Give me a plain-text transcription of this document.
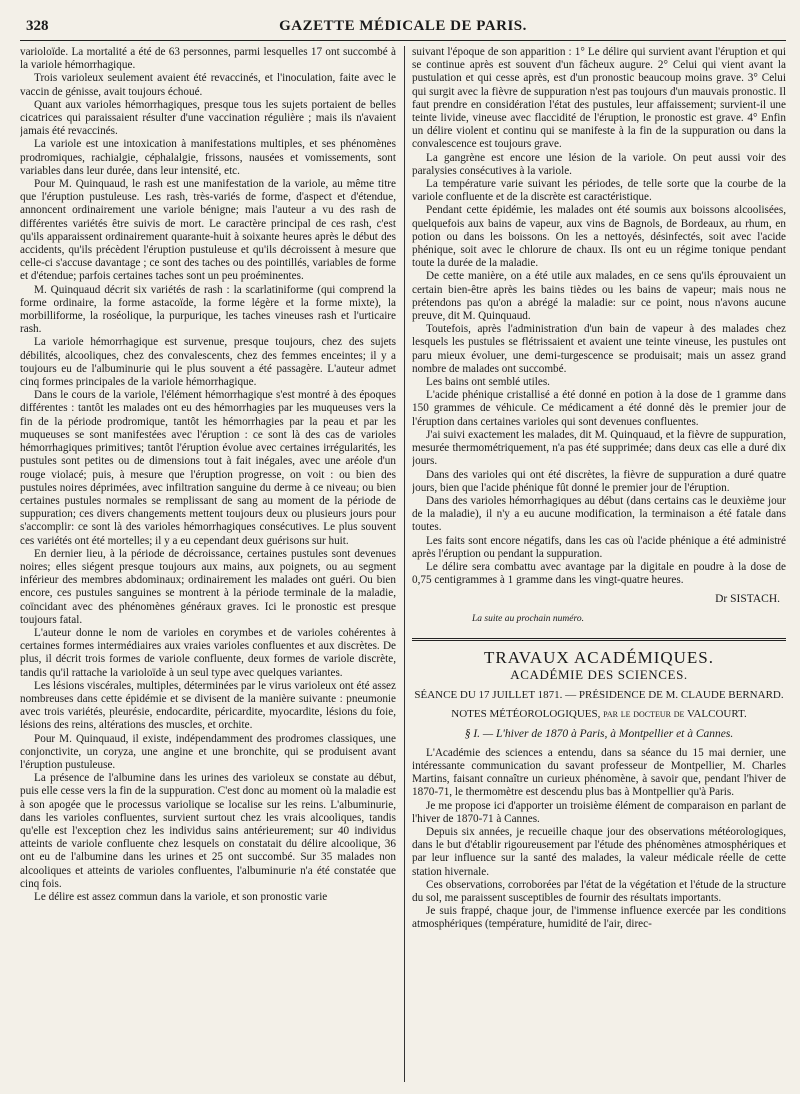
328	GAZETTE MÉDICALE DE PARIS.

varioloïde. La mortalité a été de 63 personnes, parmi lesquelles 17 ont succombé à la variole hémorrhagique.

Trois varioleux seulement avaient été revaccinés, et l'inoculation, faite avec le vaccin de génisse, avait toujours échoué.

Quant aux varioles hémorrhagiques, presque tous les sujets portaient de belles cicatrices qui paraissaient résulter d'une vaccination régulière ; mais ils n'avaient jamais été revaccinés.

La variole est une intoxication à manifestations multiples, et ses phénomènes prodromiques, rachialgie, céphalalgie, frissons, nausées et vomissements, sont variables dans leur durée, dans leur intensité, etc.

Pour M. Quinquaud, le rash est une manifestation de la variole, au même titre que l'éruption pustuleuse. Les rash, très-variés de forme, d'aspect et d'étendue, annoncent ordinairement une variole bénigne; mais l'auteur a vu des rash de différentes variétés être suivis de mort. Le caractère principal de ces rash, c'est qu'ils apparaissent ordinairement quarante-huit à soixante heures après le début des accidents, qu'ils précèdent l'éruption pustuleuse et qu'ils décroissent à mesure que celle-ci s'accuse davantage ; ce sont des taches ou des pointillés, variables de forme et d'étendue; parfois certaines taches sont un peu proéminentes.

M. Quinquaud décrit six variétés de rash : la scarlatiniforme (qui comprend la forme ordinaire, la forme astacoïde, la forme légère et la forme mixte), la morbilliforme, la roséolique, la purpurique, les taches vineuses rash et l'urticaire rash.

La variole hémorrhagique est survenue, presque toujours, chez des sujets débilités, alcooliques, chez des convalescents, chez des femmes enceintes; il y a toujours eu de l'albuminurie qui le plus souvent a été passagère. L'auteur admet cinq formes principales de la variole hémorrhagique.

Dans le cours de la variole, l'élément hémorrhagique s'est montré à des époques différentes : tantôt les malades ont eu des hémorrhagies par les muqueuses vers la fin de la période prodromique, tantôt les hémorrhagies par la peau et par les muqueuses se sont manifestées avec l'éruption : ce sont là des cas de varioles hémorrhagiques primitives; tantôt l'éruption évolue avec certaines irrégularités, les pustules sont petites ou de dimensions tout à fait inégales, avec une aréole d'un rouge violacé; puis, à mesure que l'éruption progresse, on voit : ou bien des pustules noires déprimées, avec infiltration sanguine du derme à ce niveau; ou bien certaines pustules normales se remplissant de sang au moment de la période de suppuration; ces divers changements mettent toujours deux ou plusieurs jours pour s'accomplir: ce sont là des varioles hémorrhagiques consécutives. Le plus souvent ces variétés ont été mortelles; il y a eu cependant deux guérisons sur huit.

En dernier lieu, à la période de décroissance, certaines pustules sont devenues noires; elles siégent presque toujours aux mains, aux poignets, ou au segment inférieur des membres abdominaux; ordinairement les malades ont guéri. Ou bien encore, ces pustules sanguines se montrent à la période terminale de la maladie, coïncidant avec des phénomènes généraux graves. Ici le pronostic est presque toujours fatal.

L'auteur donne le nom de varioles en corymbes et de varioles cohérentes à certaines formes intermédiaires aux vraies varioles confluentes et aux discrètes. De plus, il décrit trois formes de variole confluente, deux formes de variole discrète, tandis qu'il rattache la varioloïde à un seul type avec quelques variantes.

Les lésions viscérales, multiples, déterminées par le virus varioleux ont été assez nombreuses dans cette épidémie et se divisent de la manière suivante : pneumonie avec trois variétés, pleurésie, endocardite, péricardite, myocardite, lésions du foie, lésions des reins, altérations des muscles, et orchite.

Pour M. Quinquaud, il existe, indépendamment des prodromes classiques, une conjonctivite, un coryza, une angine et une bronchite, qui se produisent avant l'éruption pustuleuse.

La présence de l'albumine dans les urines des varioleux se constate au début, puis elle cesse vers la fin de la suppuration. C'est donc au moment où la maladie est à son apogée que le processus variolique se localise sur les reins. L'albuminurie, dans les varioles confluentes, survient surtout chez les vrais alcooliques, tandis qu'elle est l'exception chez les individus sains antérieurement; sur 40 individus atteints de variole confluente chez lesquels on constatait du délire alcoolique, 36 ont eu de l'albumine dans les urines et 25 ont succombé. Sur 35 malades non alcooliques et atteints de varioles confluentes, l'albuminurie n'a été constatée que cinq fois.

Le délire est assez commun dans la variole, et son pronostic varie

suivant l'époque de son apparition : 1° Le délire qui survient avant l'éruption et qui se continue après est souvent d'un fâcheux augure. 2° Celui qui vient avant la pustulation et qui cesse après, est d'un pronostic beaucoup moins grave. 3° Celui qui surgit avec la fièvre de suppuration n'est pas toujours d'un mauvais pronostic. Il faut prendre en considération l'état des pustules, leur affaissement; survient-il une teinte livide, vineuse avec flaccidité de l'éruption, le pronostic est grave. 4° Enfin un délire violent et continu qui se manifeste à la fin de la suppuration ou dans la convalescence est toujours grave.

La gangrène est encore une lésion de la variole. On peut aussi voir des paralysies consécutives à la variole.

La température varie suivant les périodes, de telle sorte que la courbe de la variole confluente et de la discrète est caractéristique.

Pendant cette épidémie, les malades ont été soumis aux boissons alcoolisées, quelquefois aux bains de vapeur, aux vins de Bagnols, de Bordeaux, au rhum, en potion ou dans les boissons. On les a nettoyés, désinfectés, soit avec l'acide phénique, soit avec le chlorure de chaux. Ils ont eu un régime tonique pendant toute la durée de la maladie.

De cette manière, on a été utile aux malades, en ce sens qu'ils éprouvaient un certain bien-être après les bains tièdes ou les bains de vapeur; mais nous ne prétendons pas qu'on a abrégé la maladie: sur ce point, nous n'avons aucune preuve, dit M. Quinquaud.

Toutefois, après l'administration d'un bain de vapeur à des malades chez lesquels les pustules se flétrissaient et avaient une teinte vineuse, les pustules ont paru mieux évoluer, une demi-turgescence se produisait; mais un assez grand nombre de malades ont succombé.

Les bains ont semblé utiles.

L'acide phénique cristallisé a été donné en potion à la dose de 1 gramme dans 150 grammes de véhicule. Ce médicament a été donné dès le premier jour de l'éruption dans certaines varioles qui sont devenues confluentes.

J'ai suivi exactement les malades, dit M. Quinquaud, et la fièvre de suppuration, mesurée thermométriquement, n'a pas été supprimée; dans deux cas elle a duré dix jours.

Dans des varioles qui ont été discrètes, la fièvre de suppuration a duré quatre jours, bien que l'acide phénique fût donné le premier jour de l'éruption.

Dans des varioles hémorrhagiques au début (dans certains cas le deuxième jour de la maladie), il n'y a eu aucune modification, la terminaison a été fatale dans toutes.

Les faits sont encore négatifs, dans les cas où l'acide phénique a été administré après l'éruption ou pendant la suppuration.

Le délire sera combattu avec avantage par la digitale en poudre à la dose de 0,75 centigrammes à 1 gramme dans les vingt-quatre heures.

Dr SISTACH.
La suite au prochain numéro.
TRAVAUX ACADÉMIQUES.
ACADÉMIE DES SCIENCES.
SÉANCE DU 17 JUILLET 1871. — PRÉSIDENCE DE M. CLAUDE BERNARD.
NOTES MÉTÉOROLOGIQUES, par le docteur de VALCOURT.
§ I. — L'hiver de 1870 à Paris, à Montpellier et à Cannes.

L'Académie des sciences a entendu, dans sa séance du 15 mai dernier, une intéressante communication du savant professeur de Montpellier, M. Charles Martins, faisant connaître un curieux phénomène, à savoir que, pendant l'hiver de 1870-71, le thermomètre est descendu plus bas à Montpellier qu'à Paris.

Je me propose ici d'apporter un troisième élément de comparaison en parlant de l'hiver de 1870-71 à Cannes.

Depuis six années, je recueille chaque jour des observations météorologiques, dans le but d'établir rigoureusement par l'étude des phénomènes atmosphériques et par leur influence sur la santé des malades, la valeur médicale réelle de cette station hivernale.

Ces observations, corroborées par l'état de la végétation et l'étude de la structure du sol, me paraissent susceptibles de fournir des résultats importants.

Je suis frappé, chaque jour, de l'immense influence exercée par les conditions atmosphériques (température, humidité de l'air, direc-
